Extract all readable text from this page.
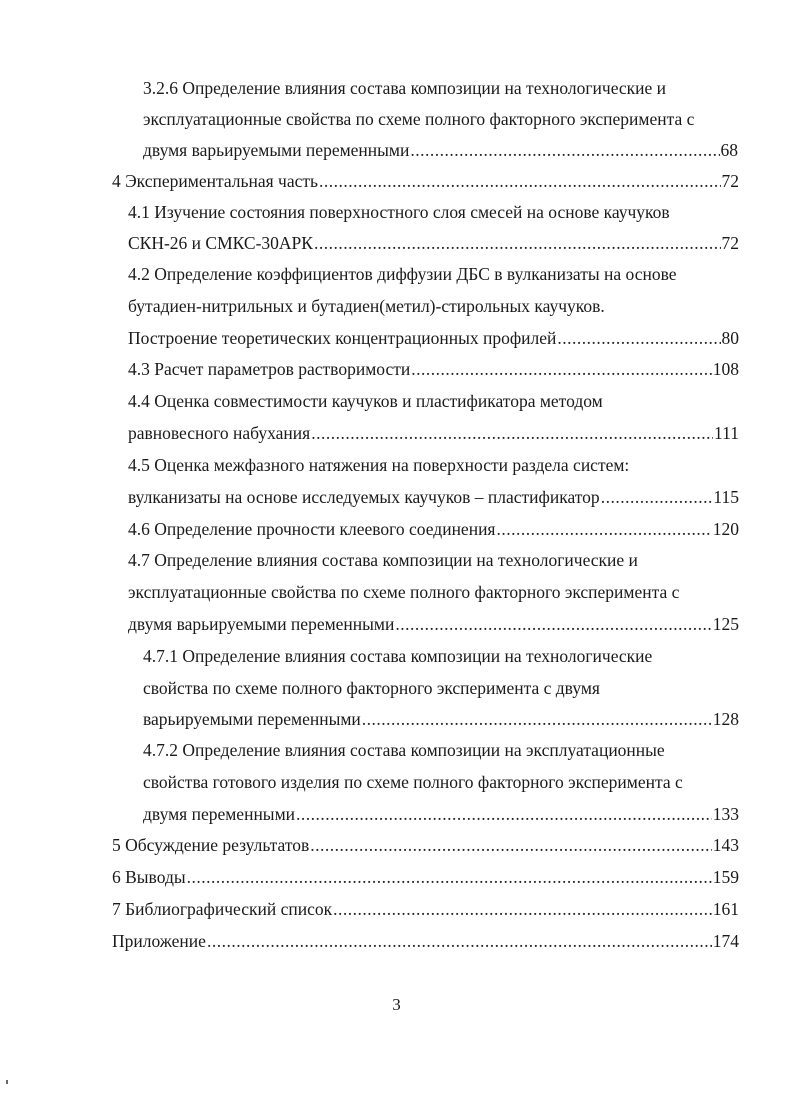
3.2.6 Определение влияния состава композиции на технологические и
эксплуатационные свойства по схеме полного факторного эксперимента с
двумя варьируемыми переменными .....	68
4 Экспериментальная часть .....	72
4.1 Изучение состояния поверхностного слоя смесей на основе каучуков
СКН-26 и СМКС-30АРК .....	72
4.2 Определение коэффициентов диффузии ДБС в вулканизаты на основе
бутадиен-нитрильных и бутадиен(метил)-стирольных каучуков.
Построение теоретических концентрационных профилей .....	80
4.3 Расчет параметров растворимости .....	108
4.4 Оценка совместимости каучуков и пластификатора методом
равновесного набухания .....	111
4.5 Оценка межфазного натяжения на поверхности раздела систем:
вулканизаты на основе исследуемых каучуков – пластификатор .....	115
4.6 Определение прочности клеевого соединения .....	120
4.7 Определение влияния состава композиции на технологические и
эксплуатационные свойства по схеме полного факторного эксперимента с
двумя варьируемыми переменными .....	125
4.7.1 Определение влияния состава композиции на технологические
свойства по схеме полного факторного эксперимента с двумя
варьируемыми переменными .....	128
4.7.2 Определение влияния состава композиции на эксплуатационные
свойства готового изделия по схеме полного факторного эксперимента с
двумя переменными .....	133
5 Обсуждение результатов .....	143
6 Выводы .....	159
7 Библиографический список .....	161
Приложение .....	174
3
